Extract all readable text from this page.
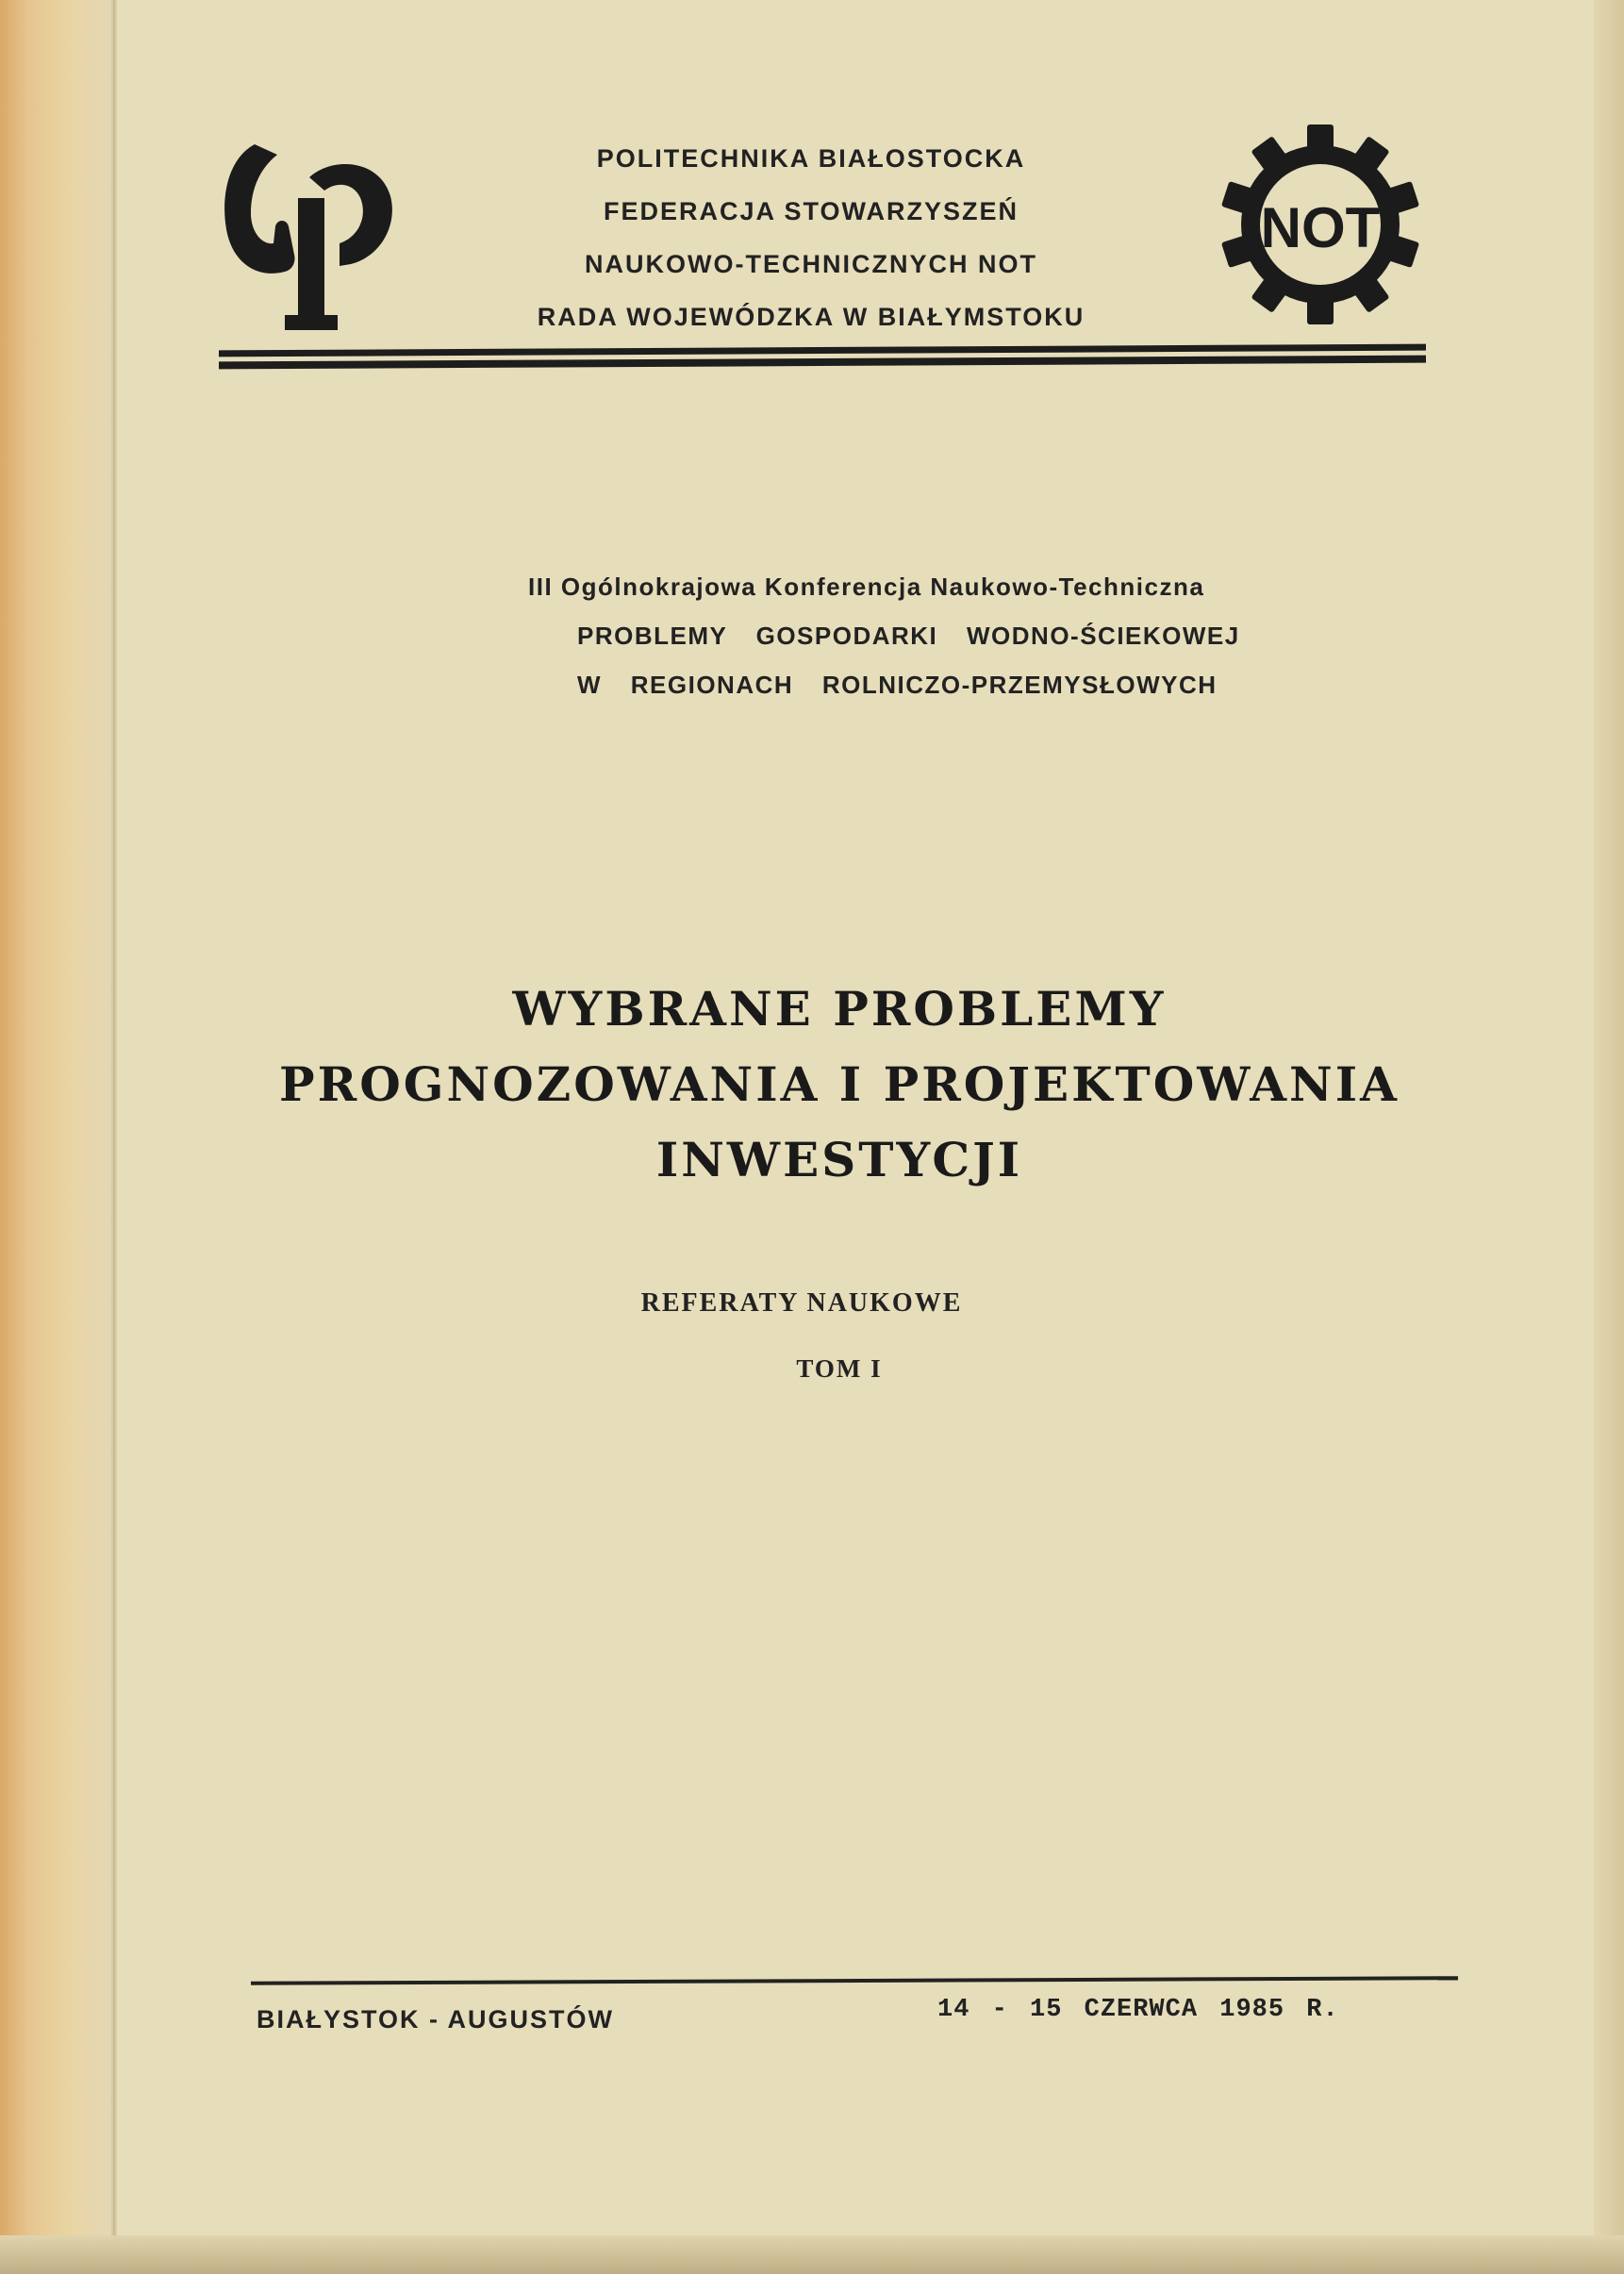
NOT
POLITECHNIKA BIAŁOSTOCKA
FEDERACJA STOWARZYSZEŃ
NAUKOWO-TECHNICZNYCH NOT
RADA WOJEWÓDZKA W BIAŁYMSTOKU
III Ogólnokrajowa Konferencja Naukowo-Techniczna
PROBLEMY GOSPODARKI WODNO-ŚCIEKOWEJ
W REGIONACH ROLNICZO-PRZEMYSŁOWYCH
WYBRANE PROBLEMY
PROGNOZOWANIA I PROJEKTOWANIA
INWESTYCJI
REFERATY NAUKOWE
TOM I
BIAŁYSTOK - AUGUSTÓW	14 - 15 CZERWCA 1985 R.
